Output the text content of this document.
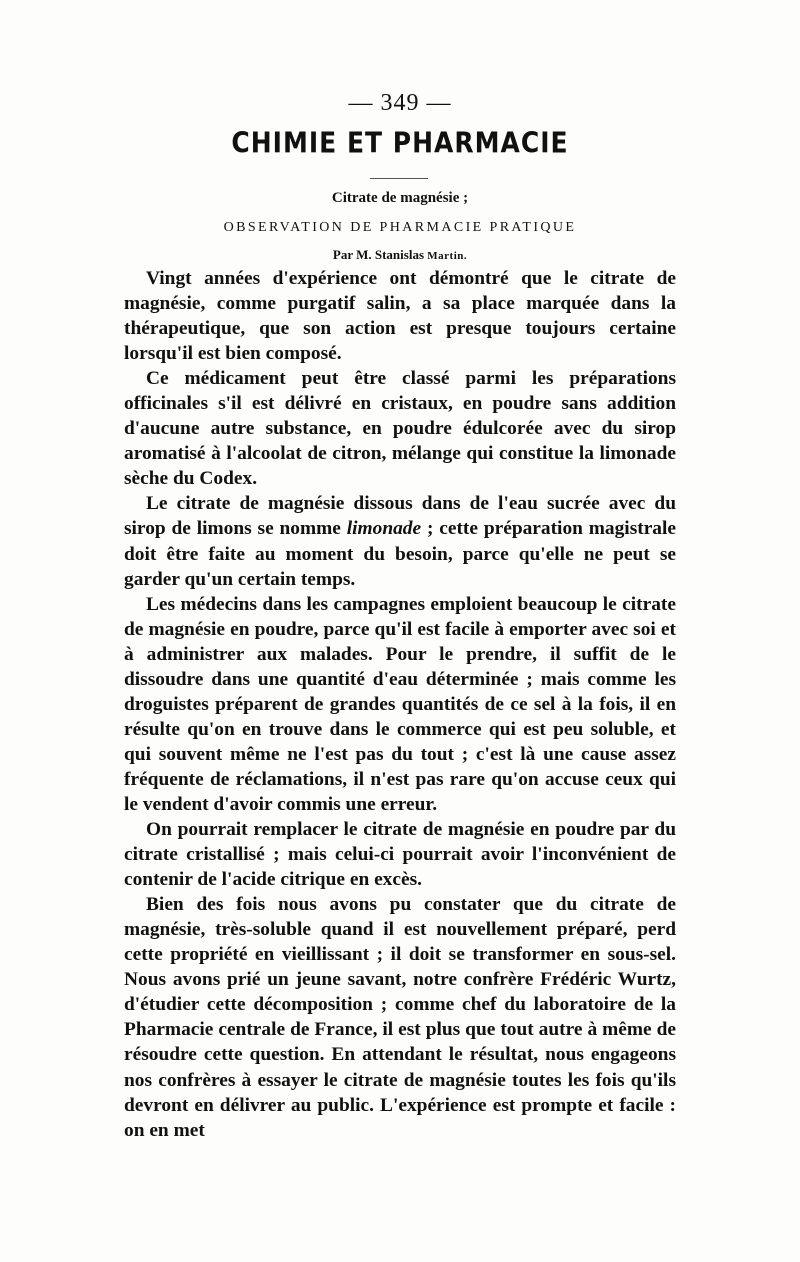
— 349 —
CHIMIE ET PHARMACIE
Citrate de magnésie ;
OBSERVATION DE PHARMACIE PRATIQUE
Par M. Stanislas Martin.

Vingt années d'expérience ont démontré que le citrate de magnésie, comme purgatif salin, a sa place marquée dans la thérapeutique, que son action est presque toujours certaine lorsqu'il est bien composé.

Ce médicament peut être classé parmi les préparations officinales s'il est délivré en cristaux, en poudre sans addition d'aucune autre substance, en poudre édulcorée avec du sirop aromatisé à l'alcoolat de citron, mélange qui constitue la limonade sèche du Codex.

Le citrate de magnésie dissous dans de l'eau sucrée avec du sirop de limons se nomme limonade ; cette préparation magistrale doit être faite au moment du besoin, parce qu'elle ne peut se garder qu'un certain temps.

Les médecins dans les campagnes emploient beaucoup le citrate de magnésie en poudre, parce qu'il est facile à emporter avec soi et à administrer aux malades. Pour le prendre, il suffit de le dissoudre dans une quantité d'eau déterminée ; mais comme les droguistes préparent de grandes quantités de ce sel à la fois, il en résulte qu'on en trouve dans le commerce qui est peu soluble, et qui souvent même ne l'est pas du tout ; c'est là une cause assez fréquente de réclamations, il n'est pas rare qu'on accuse ceux qui le vendent d'avoir commis une erreur.

On pourrait remplacer le citrate de magnésie en poudre par du citrate cristallisé ; mais celui-ci pourrait avoir l'inconvénient de contenir de l'acide citrique en excès.

Bien des fois nous avons pu constater que du citrate de magnésie, très-soluble quand il est nouvellement préparé, perd cette propriété en vieillissant ; il doit se transformer en sous-sel. Nous avons prié un jeune savant, notre confrère Frédéric Wurtz, d'étudier cette décomposition ; comme chef du laboratoire de la Pharmacie centrale de France, il est plus que tout autre à même de résoudre cette question. En attendant le résultat, nous engageons nos confrères à essayer le citrate de magnésie toutes les fois qu'ils devront en délivrer au public. L'expérience est prompte et facile : on en met
